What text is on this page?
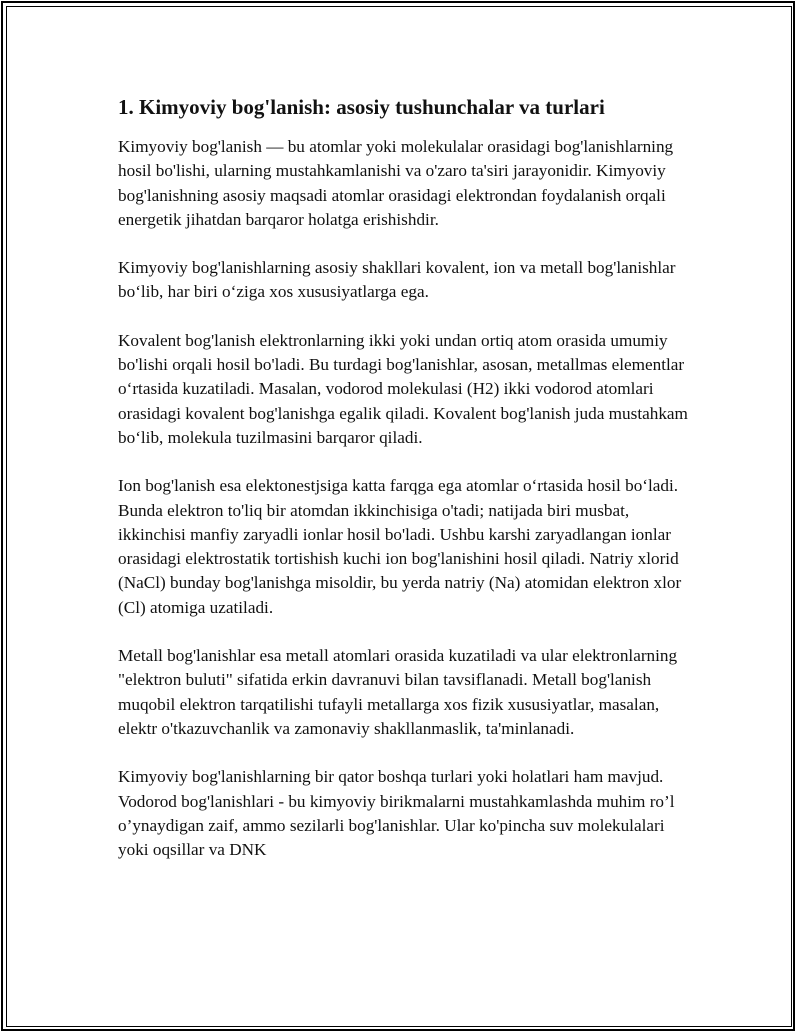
1. Kimyoviy bog'lanish: asosiy tushunchalar va turlari

Kimyoviy bog'lanish — bu atomlar yoki molekulalar orasidagi bog'lanishlarning hosil bo'lishi, ularning mustahkamlanishi va o'zaro ta'siri jarayonidir. Kimyoviy bog'lanishning asosiy maqsadi atomlar orasidagi elektrondan foydalanish orqali energetik jihatdan barqaror holatga erishishdir.

Kimyoviy bog'lanishlarning asosiy shakllari kovalent, ion va metall bog'lanishlar bo‘lib, har biri o‘ziga xos xususiyatlarga ega.

Kovalent bog'lanish elektronlarning ikki yoki undan ortiq atom orasida umumiy bo'lishi orqali hosil bo'ladi. Bu turdagi bog'lanishlar, asosan, metallmas elementlar o‘rtasida kuzatiladi. Masalan, vodorod molekulasi (H2) ikki vodorod atomlari orasidagi kovalent bog'lanishga egalik qiladi. Kovalent bog'lanish juda mustahkam bo‘lib, molekula tuzilmasini barqaror qiladi.

Ion bog'lanish esa elektonestjsiga katta farqga ega atomlar o‘rtasida hosil bo‘ladi. Bunda elektron to'liq bir atomdan ikkinchisiga o'tadi; natijada biri musbat, ikkinchisi manfiy zaryadli ionlar hosil bo'ladi. Ushbu karshi zaryadlangan ionlar orasidagi elektrostatik tortishish kuchi ion bog'lanishini hosil qiladi. Natriy xlorid (NaCl) bunday bog'lanishga misoldir, bu yerda natriy (Na) atomidan elektron xlor (Cl) atomiga uzatiladi.

Metall bog'lanishlar esa metall atomlari orasida kuzatiladi va ular elektronlarning "elektron buluti" sifatida erkin davranuvi bilan tavsiflanadi. Metall bog'lanish muqobil elektron tarqatilishi tufayli metallarga xos fizik xususiyatlar, masalan, elektr o'tkazuvchanlik va zamonaviy shakllanmaslik, ta'minlanadi.

Kimyoviy bog'lanishlarning bir qator boshqa turlari yoki holatlari ham mavjud. Vodorod bog'lanishlari - bu kimyoviy birikmalarni mustahkamlashda muhim ro’l o’ynaydigan zaif, ammo sezilarli bog'lanishlar. Ular ko'pincha suv molekulalari yoki oqsillar va DNK
